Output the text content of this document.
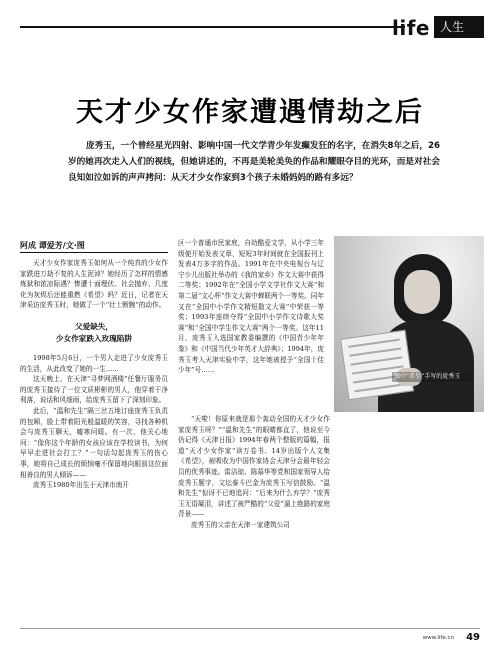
life 人生
天才少女作家遭遇情劫之后
庞秀玉，一个曾经星光四射、影响中国一代文学青少年发癫发狂的名字，在消失8年之后，26岁的她再次走入人们的视线，但她讲述的，不再是美轮美奂的作品和耀眼夺目的光环，而是对社会良知如泣如诉的声声拷问：从天才少女作家到3个孩子未婚妈妈的路有多远？
阿成 谭爱芳/文·图

天才少女作家庞秀玉如何从一个纯真的少女作家跌进万劫不复的人生泥淖？她经历了怎样的情感炼狱和浓凉际遇？惨遭十面埋伏、社会抛弃、几度化为灰烬后还能重燃《希望》吗？近日，记者在天津采访庞秀玉时，她做了一个“壮士断腕”的动作。

父爱缺失，
少女作家跌入玫瑰陷阱

1998年5月6日，一个男人走进了少女庞秀玉的生活，从此改变了她的一生……

这天晚上，在天津“寻梦网酒楼”任餐厅服务员的庞秀玉接待了一位文质彬彬的男人，他穿着干净利落，说话和风细雨，给庞秀玉留下了深刻印象。

此后，“温和先生”隔三岔五地订座庞秀玉负责的包厢，脸上带着阳光般温暖的笑容，寻找各种机会与庞秀玉聊天，嘘寒问暖。有一次，他关心地问：“像你这个年龄的女孩应该在学校读书，为何早早走进社会打工？”一句话勾起庞秀玉的伤心事，她将自己成长的烦恼毫不保留地向眼前这位面相善良的男人倾诉——

庞秀玉1980年出生于天津市南开

区一个普通市民家庭，自幼酷爱文学，从小学三年级便开始发表文章，短短3年时间就在全国报刊上发表4万多字的作品。1991年在中央电视台与辽宁少儿出版社举办的《我的家乡》作文大赛中获得二等奖；1992年在“全国小学文学社作文大赛”和第二届“文心杯”作文大赛中蝉联两个一等奖。同年又在“全国中小学作文精短散文大赛”中荣获一等奖；1993年连续夺得“全国中小学作文诗歌大奖赛”和“全国中学生作文大赛”两个一等奖。这年11月，庞秀玉入选国家教委编撰的《中国青少年年鉴》和《中国当代少年英才大辞典》；1994年，庞秀玉考入天津实验中学，这年她被授予“全国十佳少年”号……

图中“希望”手写的庞秀玉

“天啦！你原来就是那个轰动全国的天才少女作家庞秀玉呀？”“温和先生”的眼睛都直了，他说至今仍记得《天津日报》1994年春两个整版的篇幅，报道“天才少女作家”读万卷书、14岁出版个人文集《希望》，被吸收为中国作家协会天津分会最年轻会员的优秀事迹。雷洁琼、陈慕华等党和国家领导人给庞秀玉题字，文坛泰斗巴金为庞秀玉写信鼓励。“温和先生”惊讶不已地追问：“后来为什么弃学？”庞秀玉无语凝泪，讲述了被严酷的“父爱”逼上绝路的家庭背景——

庞秀玉的父亲在天津一家建筑公司

www.life.cn 49
